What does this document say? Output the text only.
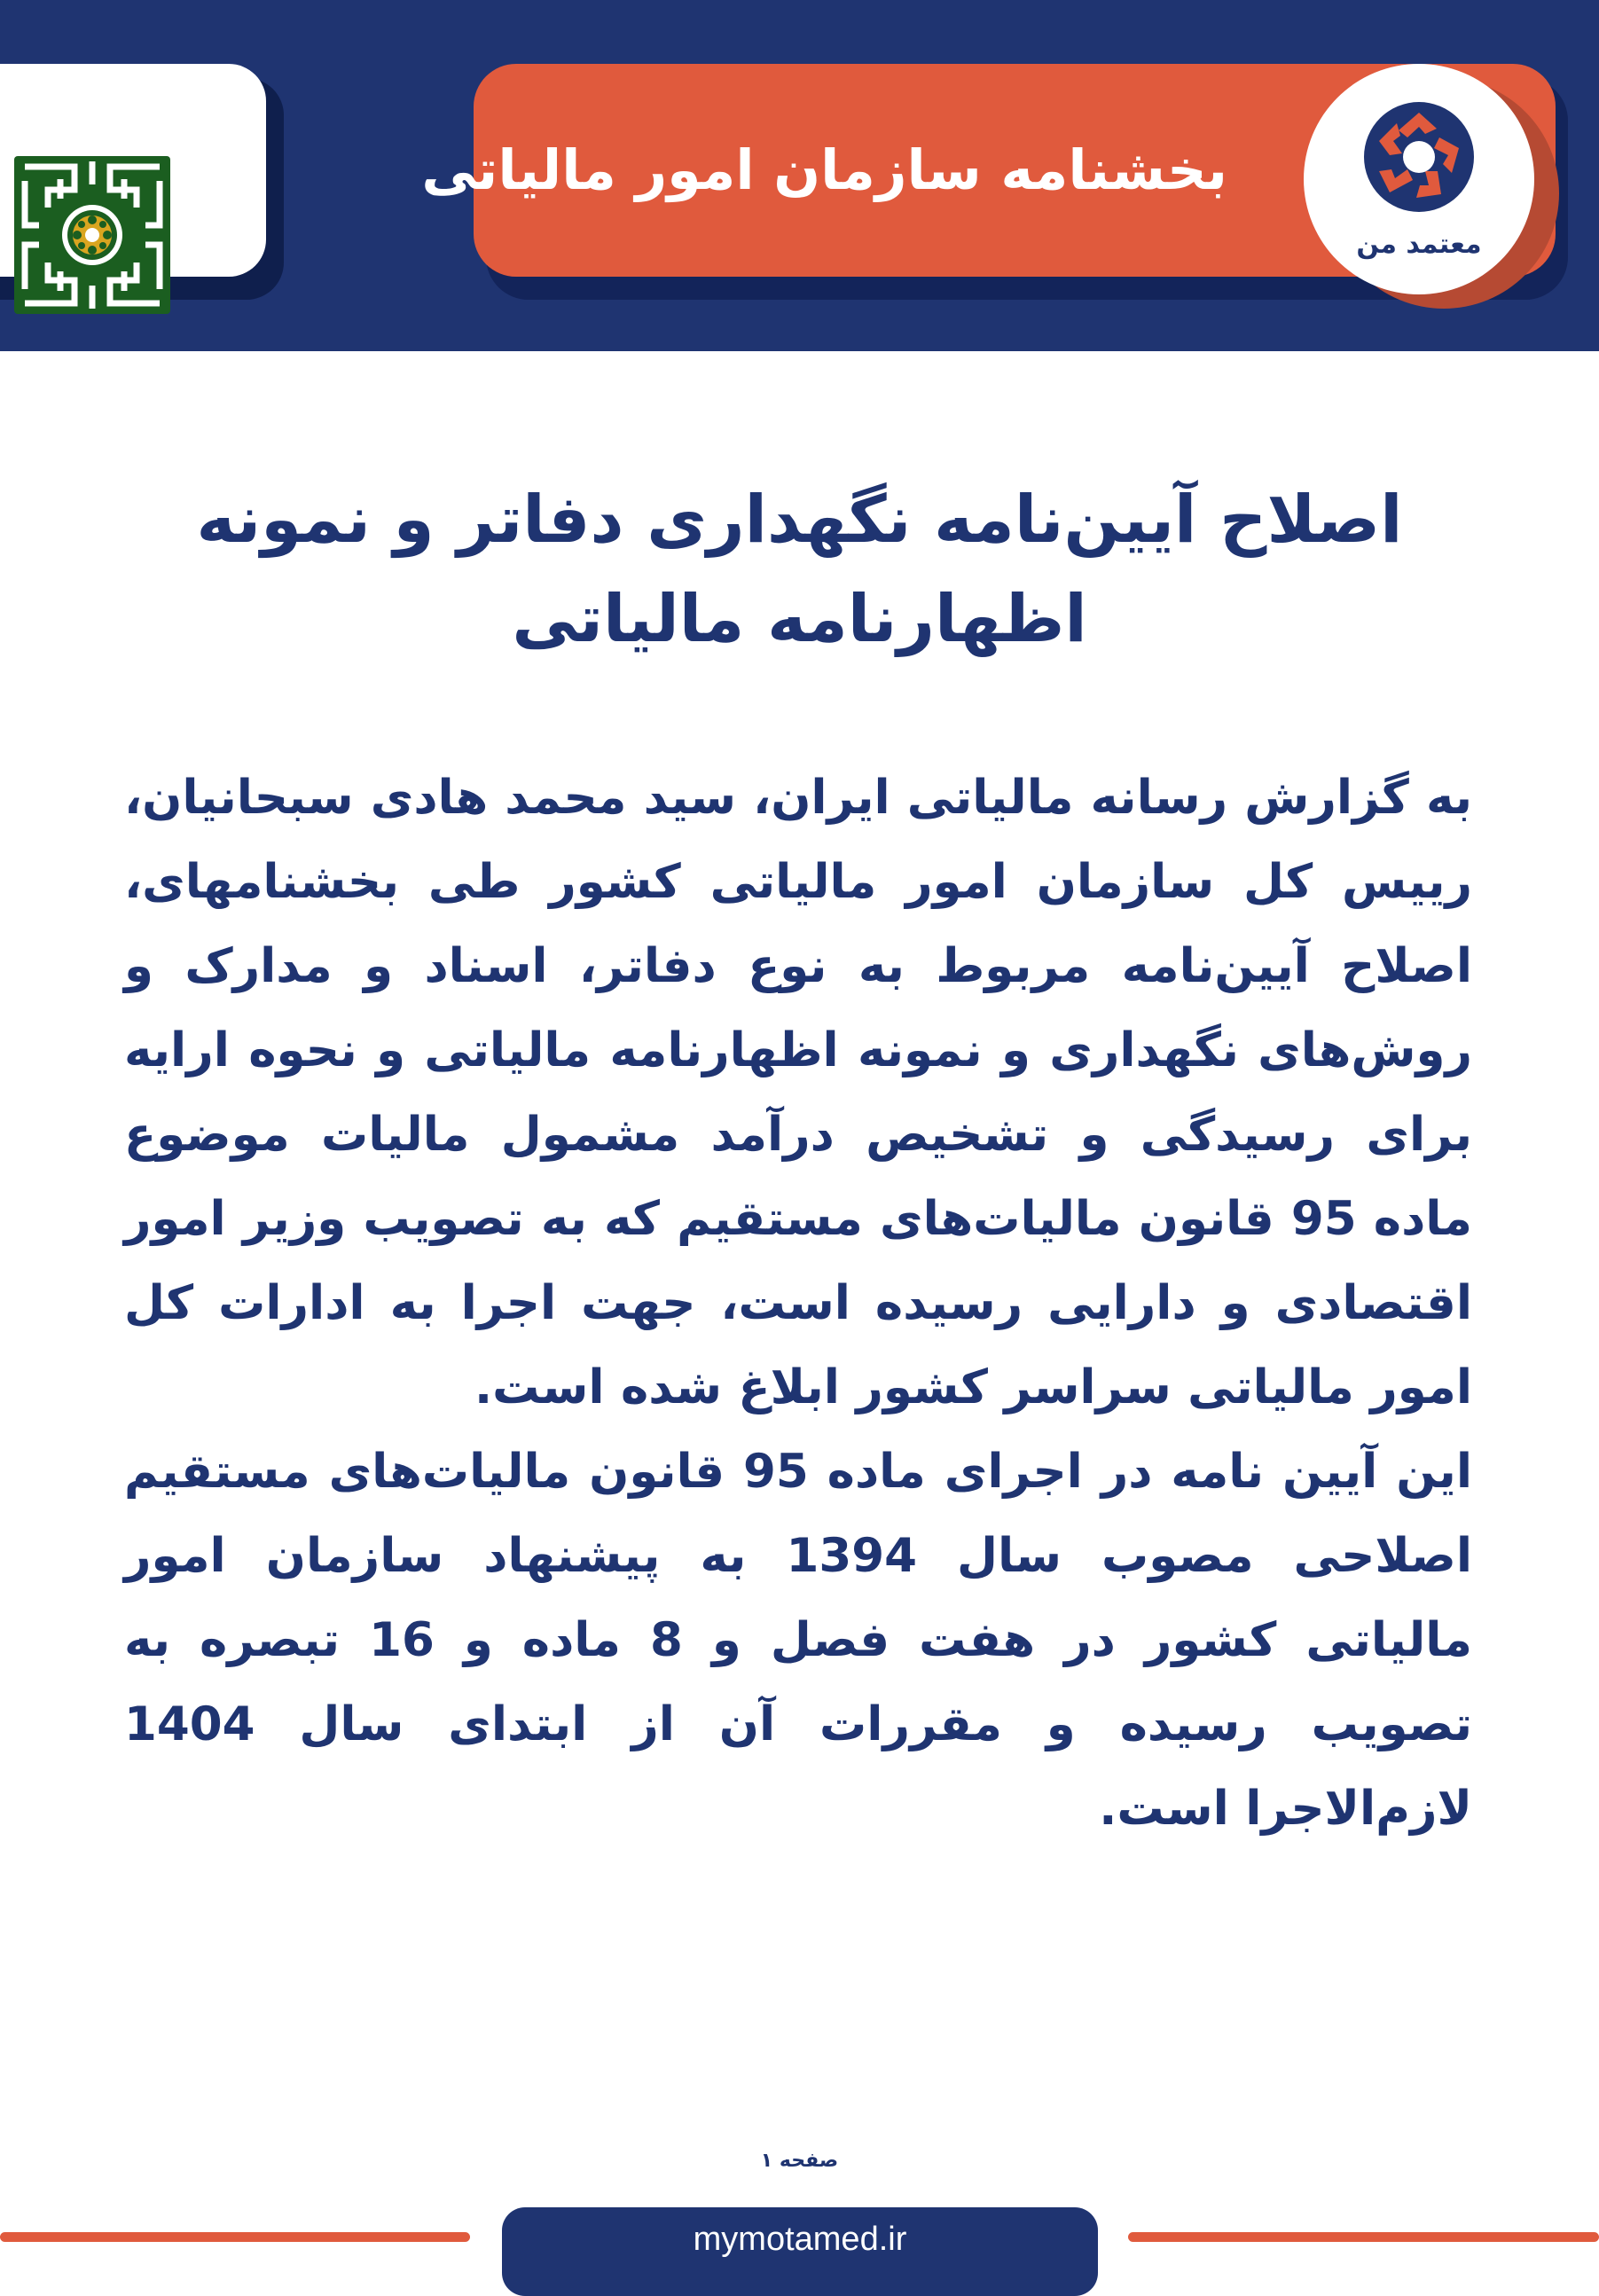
بخشنامه سازمان امور مالیاتی
معتمد من
اصلاح آیین‌نامه نگهداری دفاتر و نمونه
اظهارنامه مالیاتی

به گزارش رسانه مالیاتی ایران، سید محمد هادی سبحانیان، رییس کل سازمان امور مالیاتی کشور طی بخشنامهای، اصلاح آیین‌نامه مربوط به نوع دفاتر، اسناد و مدارک و روش‌های نگهداری و نمونه اظهارنامه مالیاتی و نحوه ارایه برای رسیدگی و تشخیص درآمد مشمول مالیات موضوع ماده 95 قانون مالیات‌های مستقیم که به تصویب وزیر امور اقتصادی و دارایی رسیده است، جهت اجرا به ادارات کل امور مالیاتی سراسر کشور ابلاغ شده است.

این آیین نامه در اجرای ماده 95 قانون مالیات‌های مستقیم اصلاحی مصوب سال 1394 به پیشنهاد سازمان امور مالیاتی کشور در هفت فصل و 8 ماده و 16 تبصره به تصویب رسیده و مقررات آن از ابتدای سال 1404 لازم‌الاجرا است.

صفحه ۱
mymotamed.ir
